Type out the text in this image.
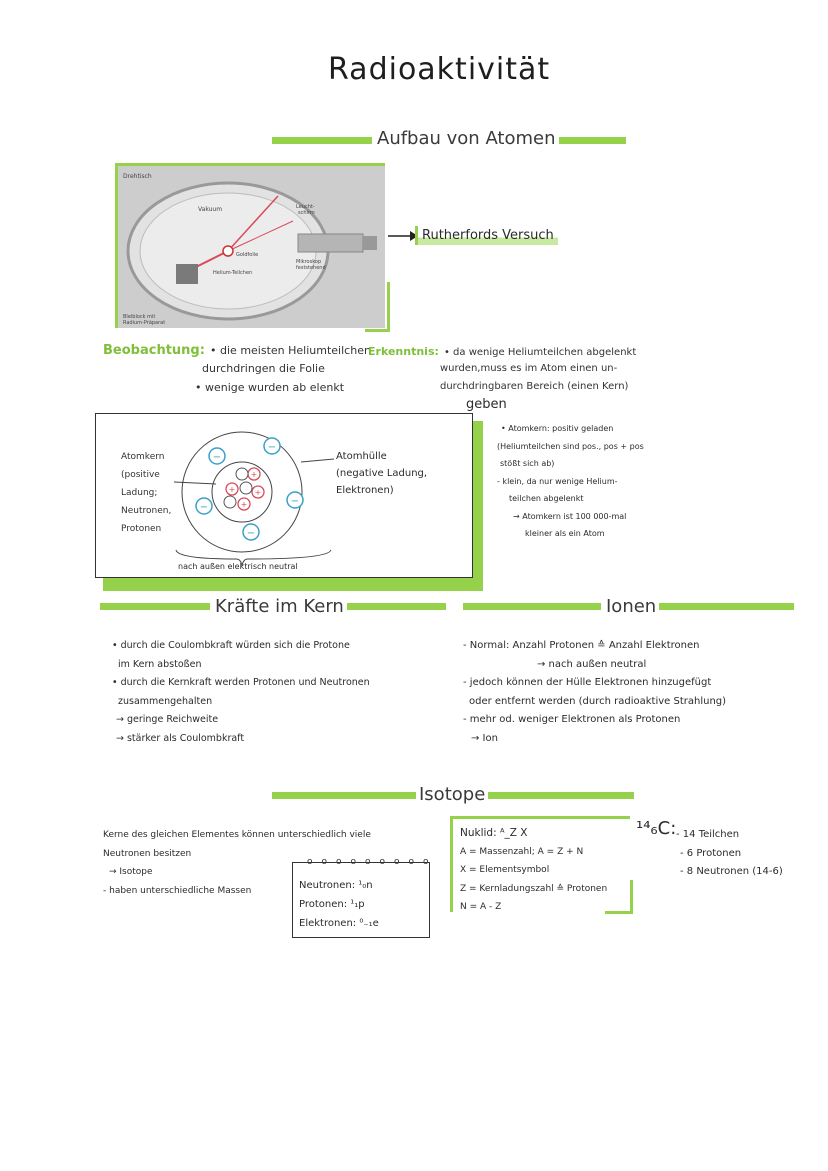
Radioaktivität
Aufbau von Atomen
Drehtisch
Vakuum	Leucht-
schirm
Goldfolie
Helium-Teilchen
Mikroskop
feststehend
Bleiblock mit
Radium-Präparat
Rutherfords Versuch
Beobachtung: • die meisten Heliumteilchen
durchdringen die Folie
• wenige wurden ab elenkt
Erkenntnis: • da wenige Heliumteilchen abgelenkt
wurden,muss es im Atom einen un-
durchdringbaren Bereich (einen Kern)
geben
−
−
−
−
−
+
+ +
+
Atomkern
(positive
Ladung;
Neutronen,
Protonen
Atomhülle
(negative Ladung,
Elektronen)
nach außen elektrisch neutral
• Atomkern: positiv geladen
(Heliumteilchen sind pos., pos + pos
stößt sich ab)
- klein, da nur wenige Helium-
teilchen abgelenkt
→ Atomkern ist 100 000-mal
kleiner als ein Atom
Kräfte im Kern	Ionen
• durch die Coulombkraft würden sich die Protone
im Kern abstoßen
• durch die Kernkraft werden Protonen und Neutronen
zusammengehalten
→ geringe Reichweite
→ stärker als Coulombkraft
- Normal: Anzahl Protonen ≙ Anzahl Elektronen
→ nach außen neutral
- jedoch können der Hülle Elektronen hinzugefügt
oder entfernt werden (durch radioaktive Strahlung)
- mehr od. weniger Elektronen als Protonen
→ Ion
Isotope
Kerne des gleichen Elementes können unterschiedlich viele
Neutronen besitzen
→ Isotope
- haben unterschiedliche Massen
ооооооооо
Neutronen: ¹₀n
Protonen: ¹₁p
Elektronen: ⁰₋₁e
Nuklid: ᴬ_Z X
A = Massenzahl; A = Z + N
X = Elementsymbol
Z = Kernladungszahl ≙ Protonen
N = A - Z
¹⁴₆C: - 14 Teilchen
- 6 Protonen
- 8 Neutronen (14-6)
